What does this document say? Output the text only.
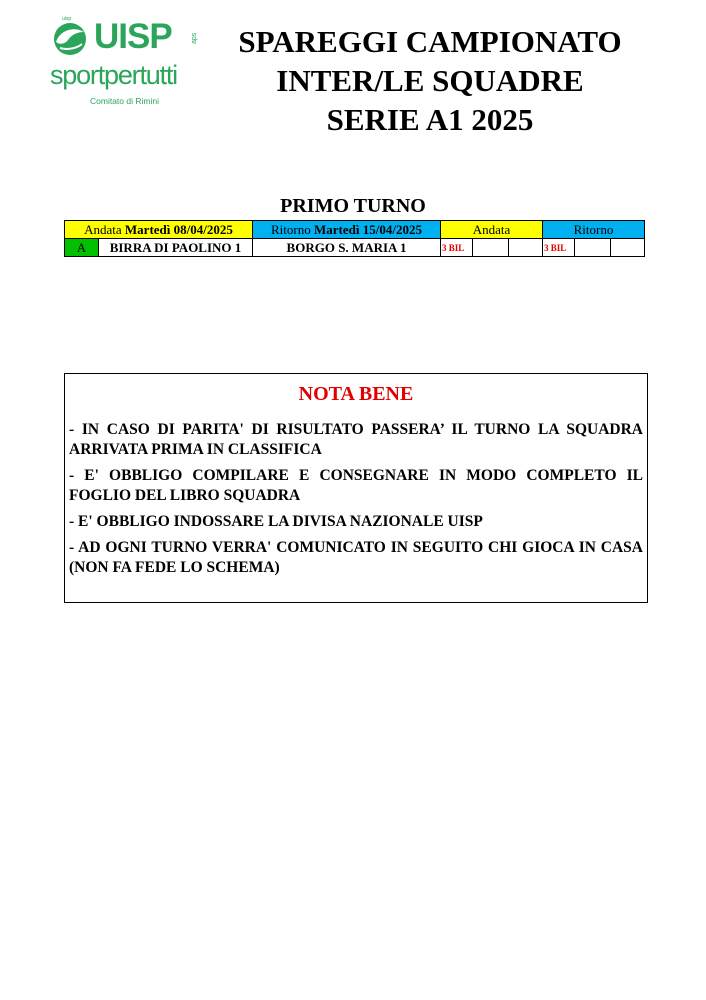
uisp UISP	aps
sportpertutti
Comitato di Rimini
SPAREGGI CAMPIONATO
INTER/LE SQUADRE
SERIE A1 2025
PRIMO TURNO
Andata Martedì 08/04/2025		Ritorno Martedì 15/04/2025	Andata			Ritorno		
A	BIRRA DI PAOLINO 1	BORGO S. MARIA 1	3 BIL			3 BIL		
NOTA BENE

- IN CASO DI PARITA' DI RISULTATO PASSERA’ IL TURNO LA SQUADRA ARRIVATA PRIMA IN CLASSIFICA

- E' OBBLIGO COMPILARE E CONSEGNARE IN MODO COMPLETO IL FOGLIO DEL LIBRO SQUADRA

- E' OBBLIGO INDOSSARE LA DIVISA NAZIONALE UISP

- AD OGNI TURNO VERRA' COMUNICATO IN SEGUITO CHI GIOCA IN CASA (NON FA FEDE LO SCHEMA)
